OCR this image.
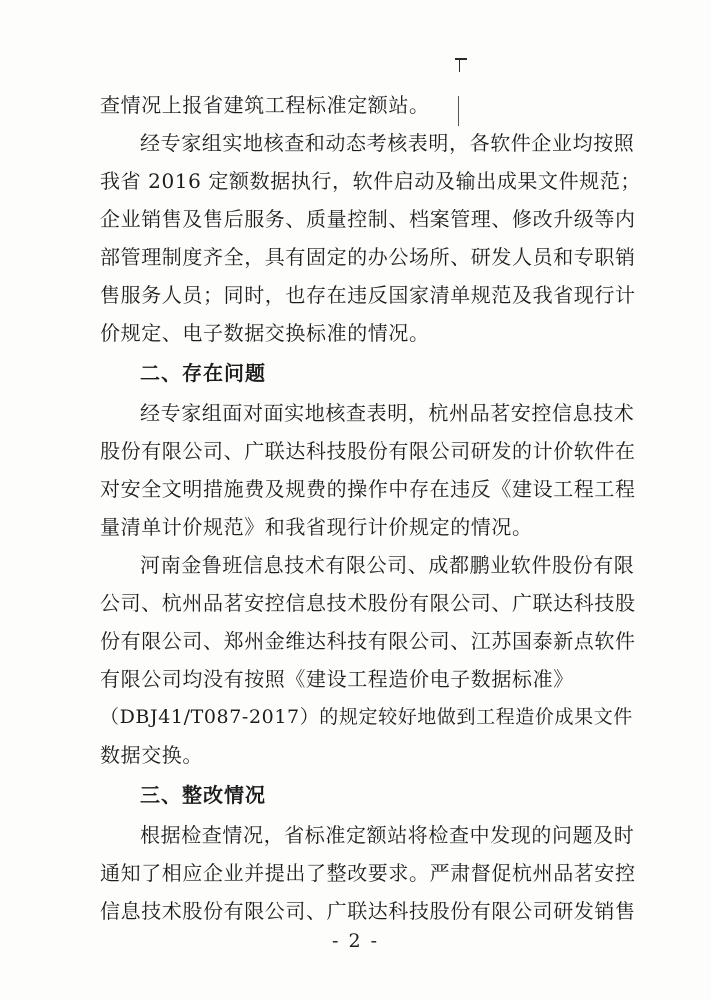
查情况上报省建筑工程标准定额站。
经专家组实地核查和动态考核表明，各软件企业均按照
我省 2016 定额数据执行，软件启动及输出成果文件规范；
企业销售及售后服务、质量控制、档案管理、修改升级等内
部管理制度齐全，具有固定的办公场所、研发人员和专职销
售服务人员；同时，也存在违反国家清单规范及我省现行计
价规定、电子数据交换标准的情况。
二、存在问题
经专家组面对面实地核查表明，杭州品茗安控信息技术
股份有限公司、广联达科技股份有限公司研发的计价软件在
对安全文明措施费及规费的操作中存在违反《建设工程工程
量清单计价规范》和我省现行计价规定的情况。
河南金鲁班信息技术有限公司、成都鹏业软件股份有限
公司、杭州品茗安控信息技术股份有限公司、广联达科技股
份有限公司、郑州金维达科技有限公司、江苏国泰新点软件
有限公司均没有按照《建设工程造价电子数据标准》
（DBJ41/T087-2017）的规定较好地做到工程造价成果文件
数据交换。
三、整改情况
根据检查情况，省标准定额站将检查中发现的问题及时
通知了相应企业并提出了整改要求。严肃督促杭州品茗安控
信息技术股份有限公司、广联达科技股份有限公司研发销售
- 2 -
